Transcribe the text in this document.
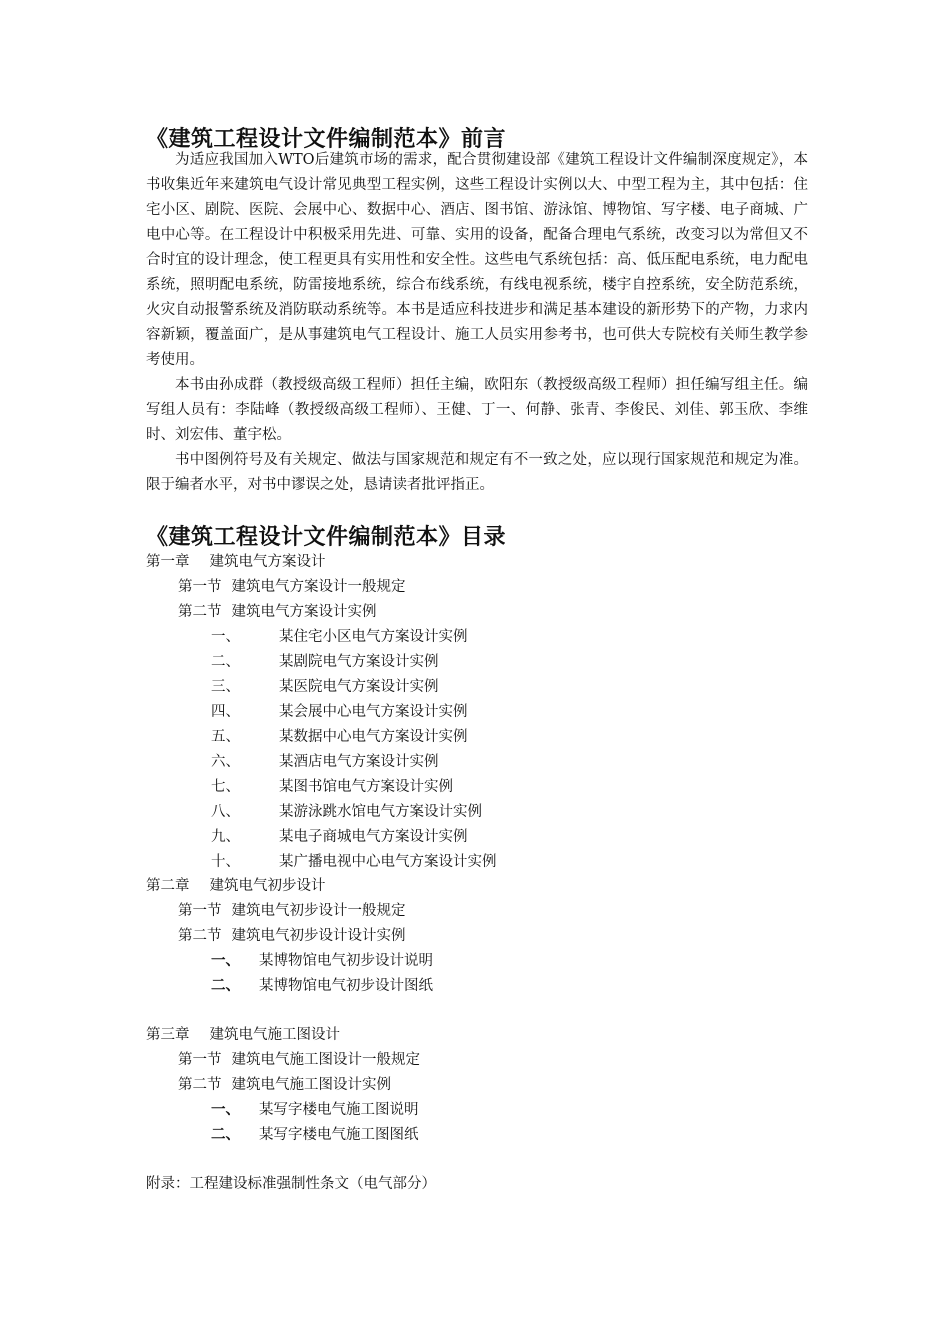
《建筑工程设计文件编制范本》前言

为适应我国加入WTO后建筑市场的需求，配合贯彻建设部《建筑工程设计文件编制深度规定》，本书收集近年来建筑电气设计常见典型工程实例，这些工程设计实例以大、中型工程为主，其中包括：住宅小区、剧院、医院、会展中心、数据中心、酒店、图书馆、游泳馆、博物馆、写字楼、电子商城、广电中心等。在工程设计中积极采用先进、可靠、实用的设备，配备合理电气系统，改变习以为常但又不合时宜的设计理念，使工程更具有实用性和安全性。这些电气系统包括：高、低压配电系统，电力配电系统，照明配电系统，防雷接地系统，综合布线系统，有线电视系统，楼宇自控系统，安全防范系统，火灾自动报警系统及消防联动系统等。本书是适应科技进步和满足基本建设的新形势下的产物，力求内容新颖，覆盖面广，是从事建筑电气工程设计、施工人员实用参考书，也可供大专院校有关师生教学参考使用。

本书由孙成群（教授级高级工程师）担任主编，欧阳东（教授级高级工程师）担任编写组主任。编写组人员有：李陆峰（教授级高级工程师）、王健、丁一、何静、张青、李俊民、刘佳、郭玉欣、李维时、刘宏伟、董宇松。

书中图例符号及有关规定、做法与国家规范和规定有不一致之处，应以现行国家规范和规定为准。限于编者水平，对书中谬误之处，恳请读者批评指正。

《建筑工程设计文件编制范本》目录
第一章 建筑电气方案设计
第一节 建筑电气方案设计一般规定
第二节 建筑电气方案设计实例
一、	某住宅小区电气方案设计实例
二、	某剧院电气方案设计实例
三、	某医院电气方案设计实例
四、	某会展中心电气方案设计实例
五、	某数据中心电气方案设计实例
六、	某酒店电气方案设计实例
七、	某图书馆电气方案设计实例
八、	某游泳跳水馆电气方案设计实例
九、	某电子商城电气方案设计实例
十、	某广播电视中心电气方案设计实例
第二章 建筑电气初步设计
第一节 建筑电气初步设计一般规定
第二节 建筑电气初步设计设计实例
一、 某博物馆电气初步设计说明
二、 某博物馆电气初步设计图纸
第三章 建筑电气施工图设计
第一节 建筑电气施工图设计一般规定
第二节 建筑电气施工图设计实例
一、 某写字楼电气施工图说明
二、 某写字楼电气施工图图纸
附录：工程建设标准强制性条文（电气部分）
